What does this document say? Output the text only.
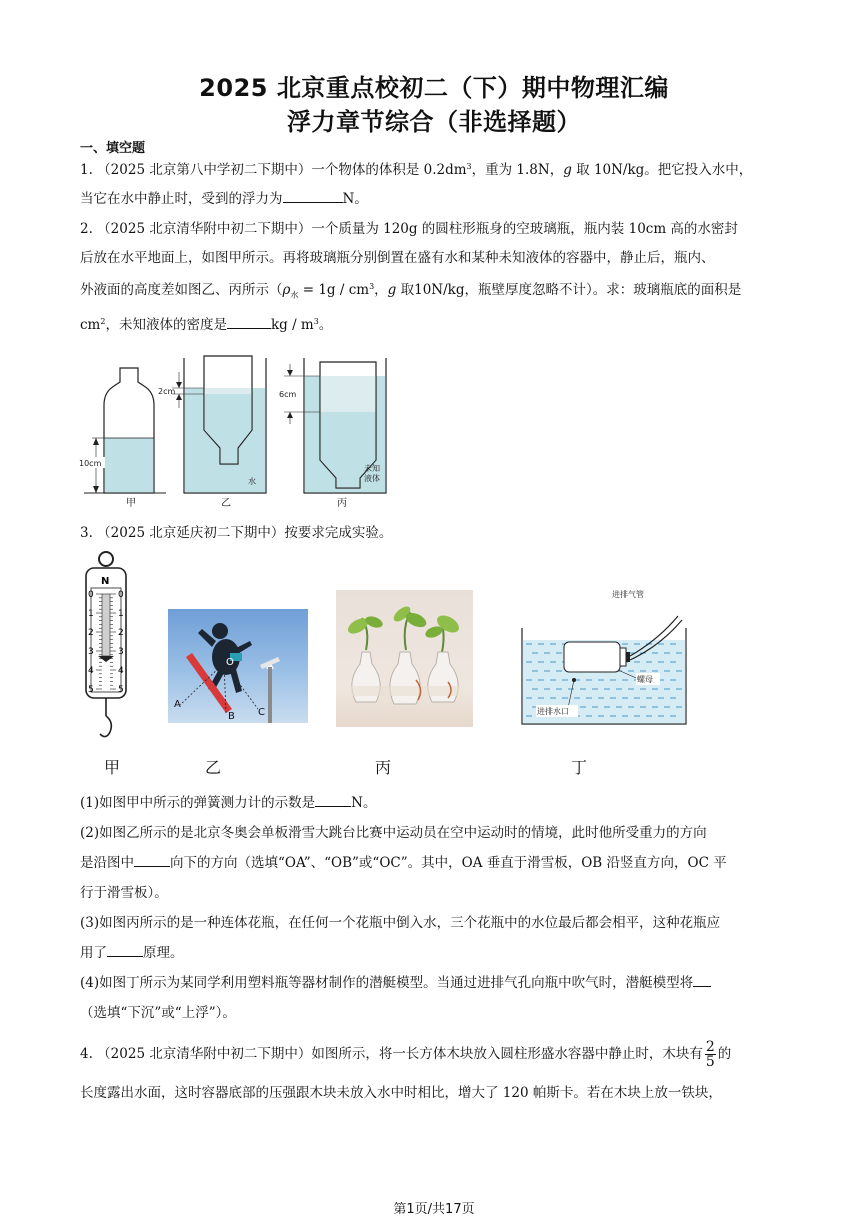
2025 北京重点校初二（下）期中物理汇编
浮力章节综合（非选择题）
一、填空题
1. （2025 北京第八中学初二下期中）一个物体的体积是 $0.2dm^3$，重为 1.8N，g 取 10N/kg。把它投入水中，
当它在水中静止时，受到的浮力为	N。
2. （2025 北京清华附中初二下期中）一个质量为 120g 的圆柱形瓶身的空玻璃瓶，瓶内装 10cm 高的水密封
后放在水平地面上，如图甲所示。再将玻璃瓶分别倒置在盛有水和某种未知液体的容器中，静止后，瓶内、
外液面的高度差如图乙、丙所示（$\rho_水 = 1g / cm^3$，g 取10N/kg，瓶壁厚度忽略不计）。求：玻璃瓶底的面积是
$cm^2$，未知液体的密度是	kg / $m^3$。
10cm
2cm
水
6cm
未知
液体
甲	乙	丙
3. （2025 北京延庆初二下期中）按要求完成实验。
N
0
1
2
3
4
5
0
1
2
3
4
5
O
A
B C
进排气管
螺母
进排水口
甲	乙	丙	丁
(1)如图甲中所示的弹簧测力计的示数是	N。
(2)如图乙所示的是北京冬奥会单板滑雪大跳台比赛中运动员在空中运动时的情境，此时他所受重力的方向
是沿图中	向下的方向（选填“OA”、“OB”或“OC”。其中，OA 垂直于滑雪板，OB 沿竖直方向，OC 平
行于滑雪板）。
(3)如图丙所示的是一种连体花瓶，在任何一个花瓶中倒入水，三个花瓶中的水位最后都会相平，这种花瓶应
用了	原理。
(4)如图丁所示为某同学利用塑料瓶等器材制作的潜艇模型。当通过进排气孔向瓶中吹气时，潜艇模型将
（选填“下沉”或“上浮”）。
4. （2025 北京清华附中初二下期中）如图所示，将一长方体木块放入圆柱形盛水容器中静止时，木块有 $\frac{2}{5}$ 的
长度露出水面，这时容器底部的压强跟木块未放入水中时相比，增大了 120 帕斯卡。若在木块上放一铁块，
第1页/共17页
